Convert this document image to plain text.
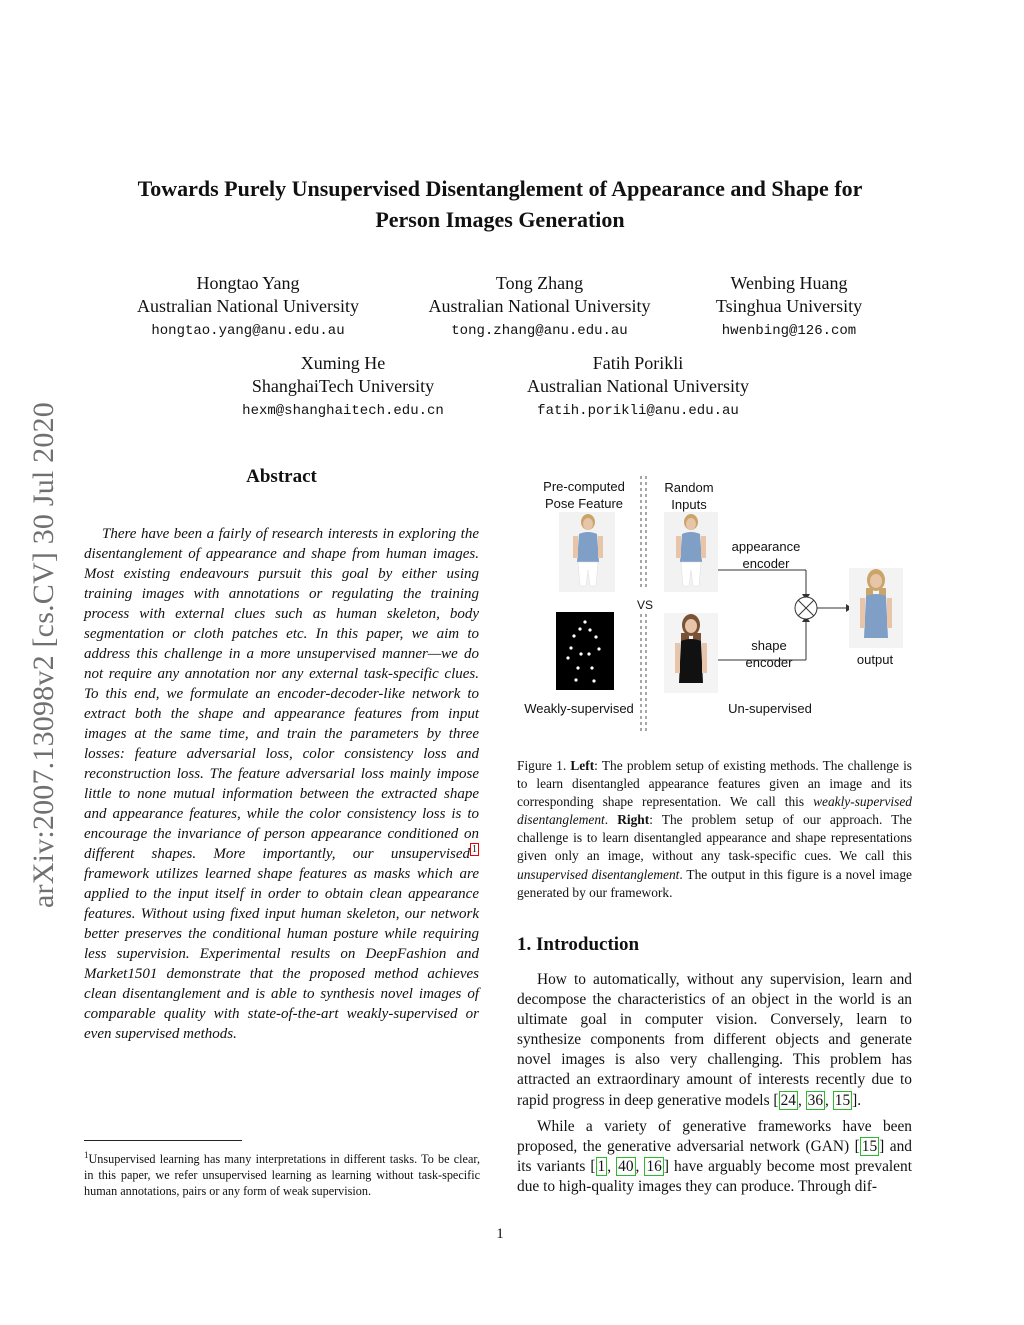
arXiv:2007.13098v2 [cs.CV] 30 Jul 2020
Towards Purely Unsupervised Disentanglement of Appearance and Shape for
Person Images Generation
Hongtao Yang
Australian National University
hongtao.yang@anu.edu.au
Tong Zhang
Australian National University
tong.zhang@anu.edu.au
Wenbing Huang
Tsinghua University
hwenbing@126.com
Xuming He
ShanghaiTech University
hexm@shanghaitech.edu.cn
Fatih Porikli
Australian National University
fatih.porikli@anu.edu.au
Abstract
There have been a fairly of research interests in exploring the disentanglement of appearance and shape from human images. Most existing endeavours pursuit this goal by either using training images with annotations or regulating the training process with external clues such as human skeleton, body segmentation or cloth patches etc. In this paper, we aim to address this challenge in a more unsupervised manner—we do not require any annotation nor any external task-specific clues. To this end, we formulate an encoder-decoder-like network to extract both the shape and appearance features from input images at the same time, and train the parameters by three losses: feature adversarial loss, color consistency loss and reconstruction loss. The feature adversarial loss mainly impose little to none mutual information between the extracted shape and appearance features, while the color consistency loss is to encourage the invariance of person appearance conditioned on different shapes. More importantly, our unsupervised $^1$ framework utilizes learned shape features as masks which are applied to the input itself in order to obtain clean appearance features. Without using fixed input human skeleton, our network better preserves the conditional human posture while requiring less supervision. Experimental results on DeepFashion and Market1501 demonstrate that the proposed method achieves clean disentanglement and is able to synthesis novel images of comparable quality with state-of-the-art weakly-supervised or even supervised methods.
$^1$Unsupervised learning has many interpretations in different tasks. To be clear, in this paper, we refer unsupervised learning as learning without task-specific human annotations, pairs or any form of weak supervision.
Pre-computed Pose Feature
Random Inputs
VS
appearance encoder
shape encoder	output
Weakly-supervised	Un-supervised
Figure 1. Left: The problem setup of existing methods. The challenge is to learn disentangled appearance features given an image and its corresponding shape representation. We call this weakly-supervised disentanglement. Right: The problem setup of our approach. The challenge is to learn disentangled appearance and shape representations given only an image, without any task-specific cues. We call this unsupervised disentanglement. The output in this figure is a novel image generated by our framework.
1. Introduction

How to automatically, without any supervision, learn and decompose the characteristics of an object in the world is an ultimate goal in computer vision. Conversely, learn to synthesize components from different objects and generate novel images is also very challenging. This problem has attracted an extraordinary amount of interests recently due to rapid progress in deep generative models [ 24 , 36 , 15 ].

While a variety of generative frameworks have been proposed, the generative adversarial network (GAN) [ 15 ] and its variants [ 1 , 40 , 16 ] have arguably become most prevalent due to high-quality images they can produce. Through dif-

1
